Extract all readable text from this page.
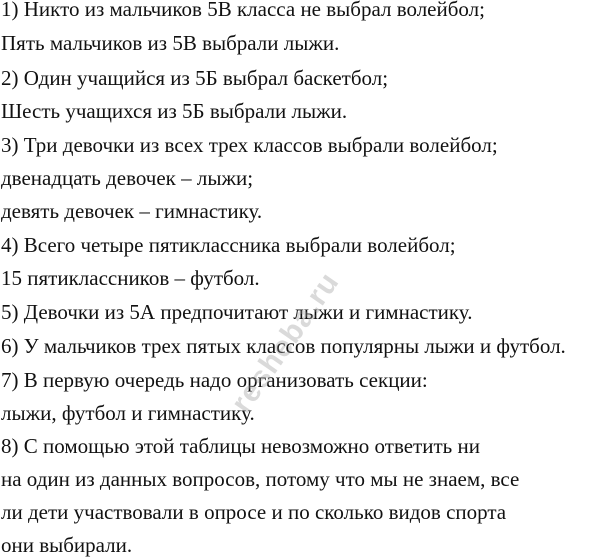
1) Никто из мальчиков 5В класса не выбрал волейбол;
Пять мальчиков из 5В выбрали лыжи.
2) Один учащийся из 5Б выбрал баскетбол;
Шесть учащихся из 5Б выбрали лыжи.
3) Три девочки из всех трех классов выбрали волейбол;
двенадцать девочек – лыжи;
девять девочек – гимнастику.
4) Всего четыре пятиклассника выбрали волейбол;
15 пятиклассников – футбол.
5) Девочки из 5А предпочитают лыжи и гимнастику.
6) У мальчиков трех пятых классов популярны лыжи и футбол.
7) В первую очередь надо организовать секции:
лыжи, футбол и гимнастику.
8) С помощью этой таблицы невозможно ответить ни
на один из данных вопросов, потому что мы не знаем, все
ли дети участвовали в опросе и по сколько видов спорта
они выбирали.
resheba.ru
